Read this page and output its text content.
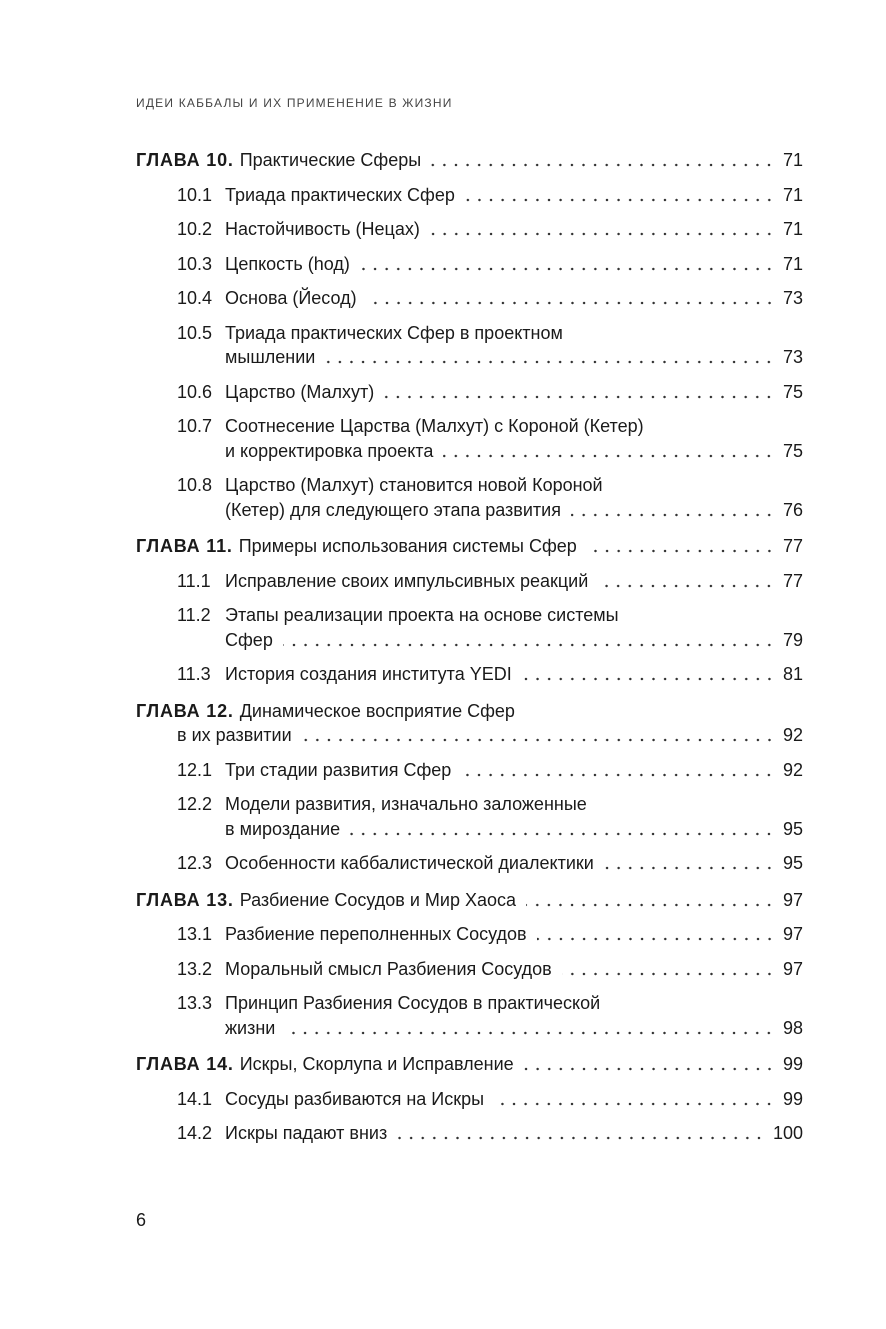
ИДЕИ КАББАЛЫ И ИХ ПРИМЕНЕНИЕ В ЖИЗНИ
ГЛАВА 10. Практические Сферы	71
10.1 Триада практических Сфер	71
10.2 Настойчивость (Нецах)	71
10.3 Цепкость (hод)	71
10.4 Основа (Йесод)	73
10.5 Триада практических Сфер в проектном
мышлении	73
10.6 Царство (Малхут)	75
10.7 Соотнесение Царства (Малхут) с Короной (Кетер)
и корректировка проекта	75
10.8 Царство (Малхут) становится новой Короной
(Кетер) для следующего этапа развития	76
ГЛАВА 11. Примеры использования системы Сфер	77
11.1 Исправление своих импульсивных реакций	77
11.2 Этапы реализации проекта на основе системы
Сфер	79
11.3 История создания института YEDI	81
ГЛАВА 12. Динамическое восприятие Сфер
в их развитии	92
12.1 Три стадии развития Сфер	92
12.2 Модели развития, изначально заложенные
в мироздание	95
12.3 Особенности каббалистической диалектики	95
ГЛАВА 13. Разбиение Сосудов и Мир Хаоса	97
13.1 Разбиение переполненных Сосудов	97
13.2 Моральный смысл Разбиения Сосудов	97
13.3 Принцип Разбиения Сосудов в практической
жизни	98
ГЛАВА 14. Искры, Скорлупа и Исправление	99
14.1 Сосуды разбиваются на Искры	99
14.2 Искры падают вниз	100
6
